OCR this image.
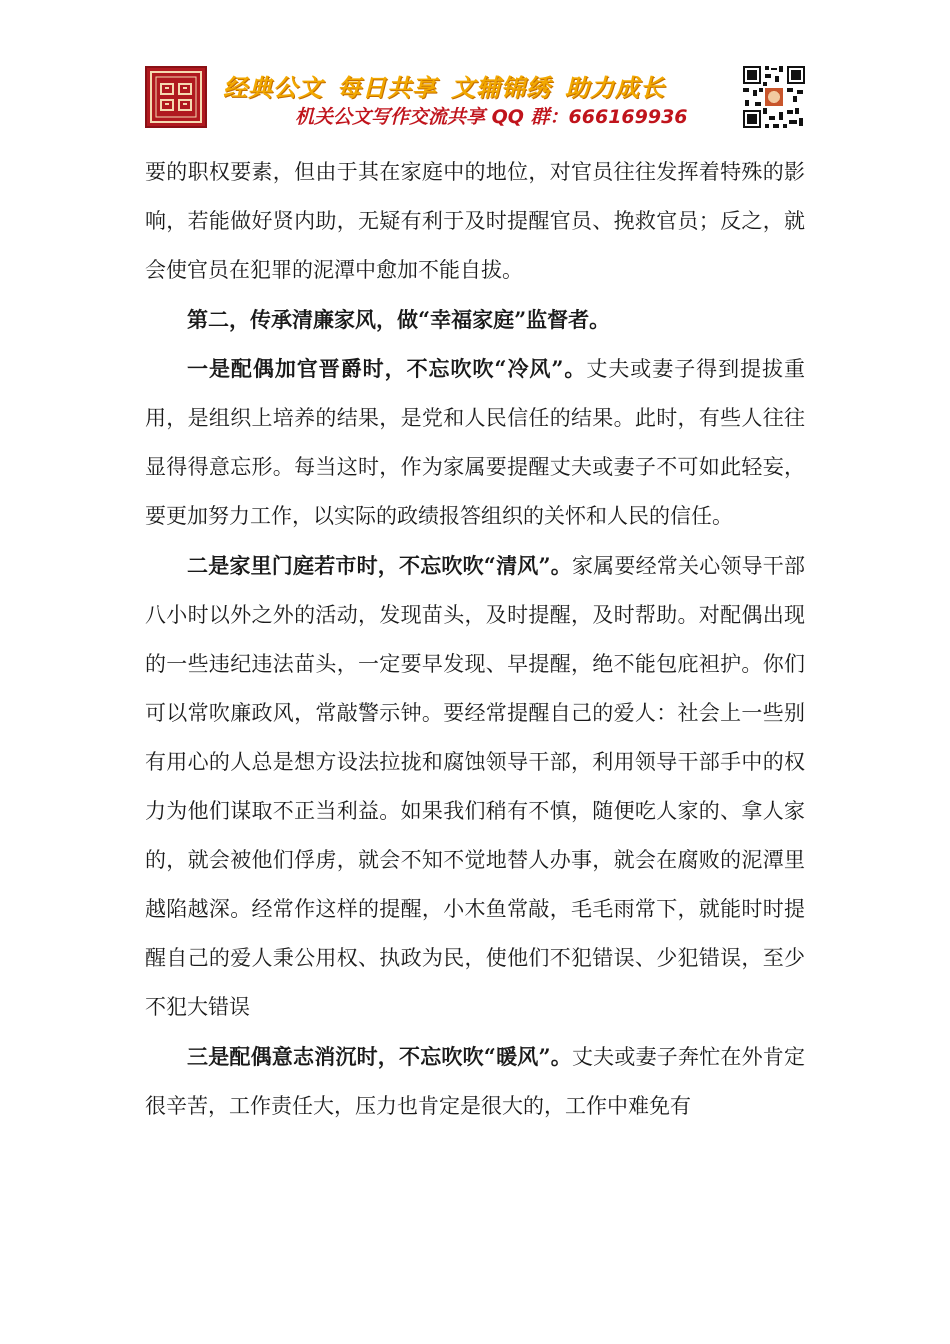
经典公文 每日共享 文辅锦绣 助力成长
机关公文写作交流共享 QQ 群：666169936

要的职权要素，但由于其在家庭中的地位，对官员往往发挥着特殊的影响，若能做好贤内助，无疑有利于及时提醒官员、挽救官员；反之，就会使官员在犯罪的泥潭中愈加不能自拔。

第二，传承清廉家风，做“幸福家庭”监督者。

一是配偶加官晋爵时，不忘吹吹“冷风”。丈夫或妻子得到提拔重用，是组织上培养的结果，是党和人民信任的结果。此时，有些人往往显得得意忘形。每当这时，作为家属要提醒丈夫或妻子不可如此轻妄，要更加努力工作，以实际的政绩报答组织的关怀和人民的信任。

二是家里门庭若市时，不忘吹吹“清风”。家属要经常关心领导干部八小时以外之外的活动，发现苗头，及时提醒，及时帮助。对配偶出现的一些违纪违法苗头，一定要早发现、早提醒，绝不能包庇袒护。你们可以常吹廉政风，常敲警示钟。要经常提醒自己的爱人：社会上一些别有用心的人总是想方设法拉拢和腐蚀领导干部，利用领导干部手中的权力为他们谋取不正当利益。如果我们稍有不慎，随便吃人家的、拿人家的，就会被他们俘虏，就会不知不觉地替人办事，就会在腐败的泥潭里越陷越深。经常作这样的提醒，小木鱼常敲，毛毛雨常下，就能时时提醒自己的爱人秉公用权、执政为民，使他们不犯错误、少犯错误，至少不犯大错误

三是配偶意志消沉时，不忘吹吹“暖风”。丈夫或妻子奔忙在外肯定很辛苦，工作责任大，压力也肯定是很大的，工作中难免有
